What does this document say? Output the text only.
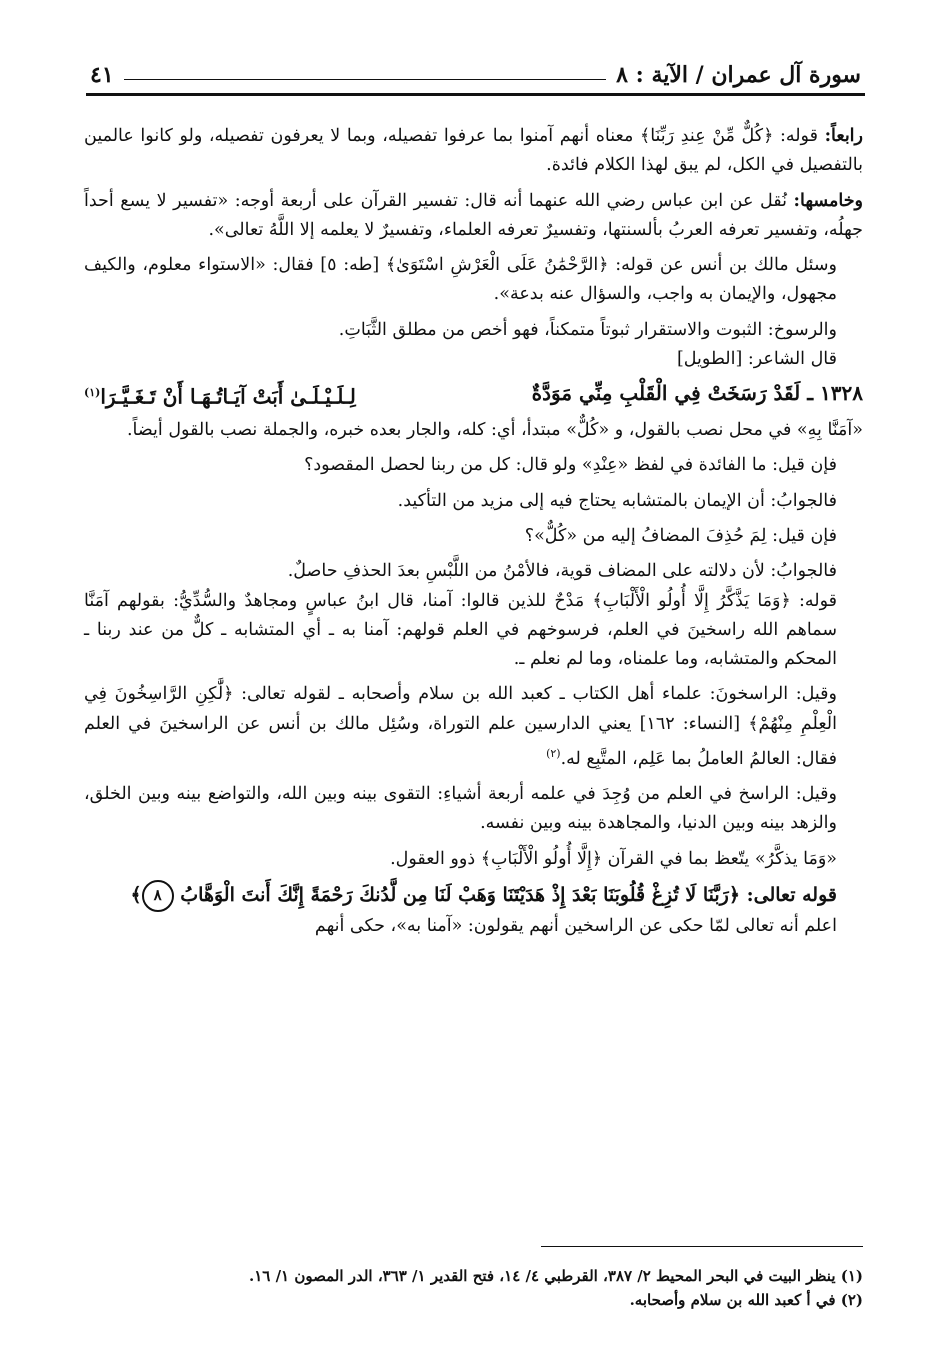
سورة آل عمران / الآية : ٨
٤١

رابعاً: قوله: ﴿كُلٌّ مِّنْ عِندِ رَبِّنَا﴾ معناه أنهم آمنوا بما عرفوا تفصيله، وبما لا يعرفون تفصيله، ولو كانوا عالمين بالتفصيل في الكل، لم يبق لهذا الكلام فائدة.

وخامسها: نُقل عن ابن عباس رضي الله عنهما أنه قال: تفسير القرآن على أربعة أوجه: «تفسير لا يسع أحداً جهلُه، وتفسير تعرفه العربُ بألسنتها، وتفسيرٌ تعرفه العلماء، وتفسيرٌ لا يعلمه إلا اللَّهُ تعالى».

وسئل مالك بن أنس عن قوله: ﴿الرَّحْمَٰنُ عَلَى الْعَرْشِ اسْتَوَىٰ﴾ [طه: ٥] فقال: «الاستواء معلوم، والكيف مجهول، والإيمان به واجب، والسؤال عنه بدعة».

والرسوخ: الثبوت والاستقرار ثبوتاً متمكناً، فهو أخص من مطلق الثَّبَاتِ.

قال الشاعر: [الطويل]

١٣٢٨ ـ لَقَدْ رَسَخَتْ فِي الْقَلْبِ مِنِّي مَوَدَّةٌ
لِـلَـيْـلَـىٰ أَبَتْ آيَـاتُـهَـا أَنْ تَـغَـيَّـرَا$^{(١)}$

«آمَنَّا بِهِ» في محل نصب بالقول، و «كُلٌّ» مبتدأ، أي: كله، والجار بعده خبره، والجملة نصب بالقول أيضاً.

فإن قيل: ما الفائدة في لفظ «عِنْدِ» ولو قال: كل من ربنا لحصل المقصود؟

فالجوابُ: أن الإيمان بالمتشابه يحتاج فيه إلى مزيد من التأكيد.

فإن قيل: لِمَ حُذِفَ المضافُ إليه من «كُلٌّ»؟

فالجوابُ: لأن دلالته على المضاف قوية، فالأمْنُ من اللَّبْسِ بعدَ الحذفِ حاصلٌ.

قوله: ﴿وَمَا يَذَّكَّرُ إِلَّا أُولُو الْأَلْبَابِ﴾ مَدْحٌ للذين قالوا: آمنا، قال ابنُ عباسٍ ومجاهدٌ والسُّدِّيُّ: بقولهم آمَنَّا سماهم الله راسخينَ في العلم، فرسوخهم في العلم قولهم: آمنا به ـ أي المتشابه ـ كلٌّ من عند ربنا ـ المحكم والمتشابه، وما علمناه، وما لم نعلم ـ.

وقيل: الراسخونَ: علماء أهل الكتاب ـ كعبد الله بن سلام وأصحابه ـ لقوله تعالى: ﴿لَّٰكِنِ الرَّاسِخُونَ فِي الْعِلْمِ مِنْهُمْ﴾ [النساء: ١٦٢] يعني الدارسين علم التوراة، وسُئِل مالك بن أنس عن الراسخينَ في العلم فقال: العالمُ العاملُ بما عَلِم، المتَّبِع له.$^{(٢)}$

وقيل: الراسخ في العلم من وُجِدَ في علمه أربعة أشياءِ: التقوى بينه وبين الله، والتواضع بينه وبين الخلق، والزهد بينه وبين الدنيا، والمجاهدة بينه وبين نفسه.

«وَمَا يذكَّرُ» يتّعظ بما في القرآن ﴿إِلَّا أُولُو الْأَلْبَابِ﴾ ذوو العقول.

قوله تعالى: ﴿رَبَّنَا لَا تُزِغْ قُلُوبَنَا بَعْدَ إِذْ هَدَيْتَنَا وَهَبْ لَنَا مِن لَّدُنكَ رَحْمَةً إِنَّكَ أَنتَ الْوَهَّابُ ٨﴾

اعلم أنه تعالى لمّا حكى عن الراسخين أنهم يقولون: «آمنا به»، حكى أنهم

(١) ينظر البيت في البحر المحيط ٢/ ٣٨٧، القرطبي ٤/ ١٤، فتح القدير ١/ ٣٦٣، الدر المصون ١/ ١٦.

(٢) في أ كعبد الله بن سلام وأصحابه.
